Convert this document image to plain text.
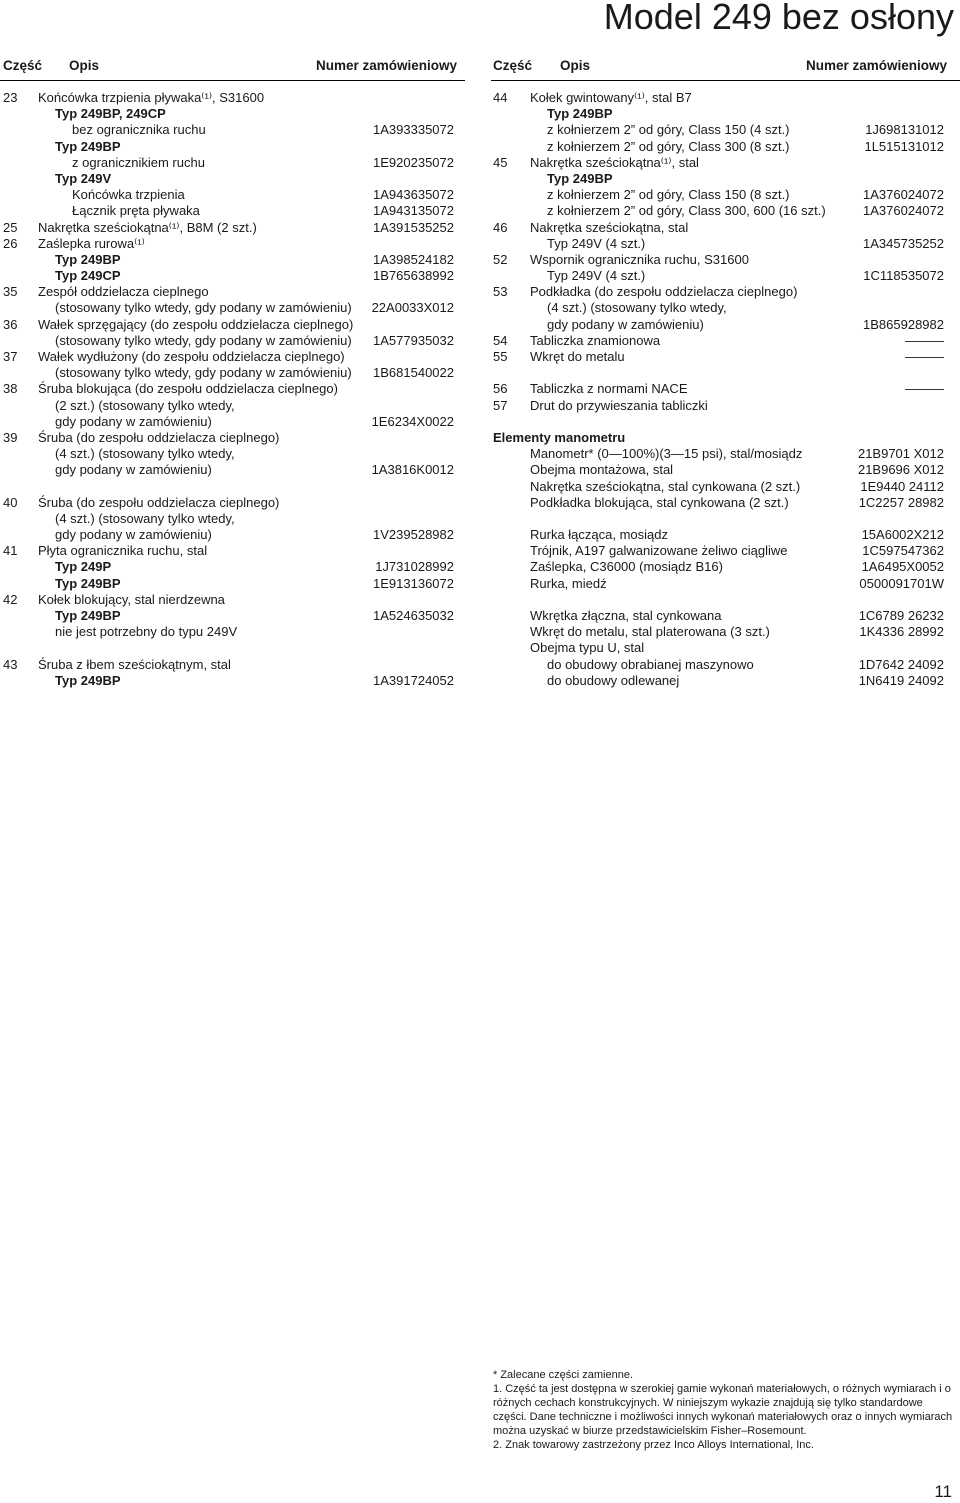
Model 249 bez osłony
Część Opis	Numer zamówieniowy	Część Opis	Numer zamówieniowy
23 Końcówka trzpienia pływaka⁽¹⁾, S31600
Typ 249BP, 249CP
bez ogranicznika ruchu	1A393335072
Typ 249BP
z ogranicznikiem ruchu	1E920235072
Typ 249V
Końcówka trzpienia	1A943635072
Łącznik pręta pływaka	1A943135072
25 Nakrętka sześciokątna⁽¹⁾, B8M (2 szt.)	1A391535252
26 Zaślepka rurowa⁽¹⁾
Typ 249BP	1A398524182
Typ 249CP	1B765638992
35 Zespół oddzielacza cieplnego
(stosowany tylko wtedy, gdy podany w zamówieniu) 22A0033X012
36 Wałek sprzęgający (do zespołu oddzielacza cieplnego)
(stosowany tylko wtedy, gdy podany w zamówieniu) 1A577935032
37 Wałek wydłużony (do zespołu oddzielacza cieplnego)
(stosowany tylko wtedy, gdy podany w zamówieniu) 1B681540022
38 Śruba blokująca (do zespołu oddzielacza cieplnego)
(2 szt.) (stosowany tylko wtedy,
gdy podany w zamówieniu)	1E6234X0022
39 Śruba (do zespołu oddzielacza cieplnego)
(4 szt.) (stosowany tylko wtedy,
gdy podany w zamówieniu)	1A3816K0012
40 Śruba (do zespołu oddzielacza cieplnego)
(4 szt.) (stosowany tylko wtedy,
gdy podany w zamówieniu)	1V239528982
41 Płyta ogranicznika ruchu, stal
Typ 249P	1J731028992
Typ 249BP	1E913136072
42 Kołek blokujący, stal nierdzewna
Typ 249BP	1A524635032
nie jest potrzebny do typu 249V
43 Śruba z łbem sześciokątnym, stal
Typ 249BP	1A391724052
44 Kołek gwintowany⁽¹⁾, stal B7
Typ 249BP
z kołnierzem 2” od góry, Class 150 (4 szt.)	1J698131012
z kołnierzem 2” od góry, Class 300 (8 szt.)	1L515131012
45 Nakrętka sześciokątna⁽¹⁾, stal
Typ 249BP
z kołnierzem 2” od góry, Class 150 (8 szt.)	1A376024072
z kołnierzem 2” od góry, Class 300, 600 (16 szt.)	1A376024072
46 Nakrętka sześciokątna, stal
Typ 249V (4 szt.)	1A345735252
52 Wspornik ogranicznika ruchu, S31600
Typ 249V (4 szt.)	1C118535072
53 Podkładka (do zespołu oddzielacza cieplnego)
(4 szt.) (stosowany tylko wtedy,
gdy podany w zamówieniu)	1B865928982
54 Tabliczka znamionowa	———
55 Wkręt do metalu	———
56 Tabliczka z normami NACE	———
57 Drut do przywieszania tabliczki
Elementy manometru
Manometr* (0—100%)(3—15 psi), stal/mosiądz	21B9701 X012
Obejma montażowa, stal	21B9696 X012
Nakrętka sześciokątna, stal cynkowana (2 szt.)	1E9440 24112
Podkładka blokująca, stal cynkowana (2 szt.)	1C2257 28982
Rurka łącząca, mosiądz	15A6002X212
Trójnik, A197 galwanizowane żeliwo ciągliwe	1C597547362
Zaślepka, C36000 (mosiądz B16)	1A6495X0052
Rurka, miedź	0500091701W
Wkrętka złączna, stal cynkowana	1C6789 26232
Wkręt do metalu, stal platerowana (3 szt.)	1K4336 28992
Obejma typu U, stal
do obudowy obrabianej maszynowo	1D7642 24092
do obudowy odlewanej	1N6419 24092
* Zalecane części zamienne.
1. Część ta jest dostępna w szerokiej gamie wykonań materiałowych, o różnych wymiarach i o różnych cechach konstrukcyjnych. W niniejszym wykazie znajdują się tylko standardowe części. Dane techniczne i możliwości innych wykonań materiałowych oraz o innych wymiarach można uzyskać w biurze przedstawicielskim Fisher–Rosemount.
2. Znak towarowy zastrzeżony przez Inco Alloys International, Inc.
11
